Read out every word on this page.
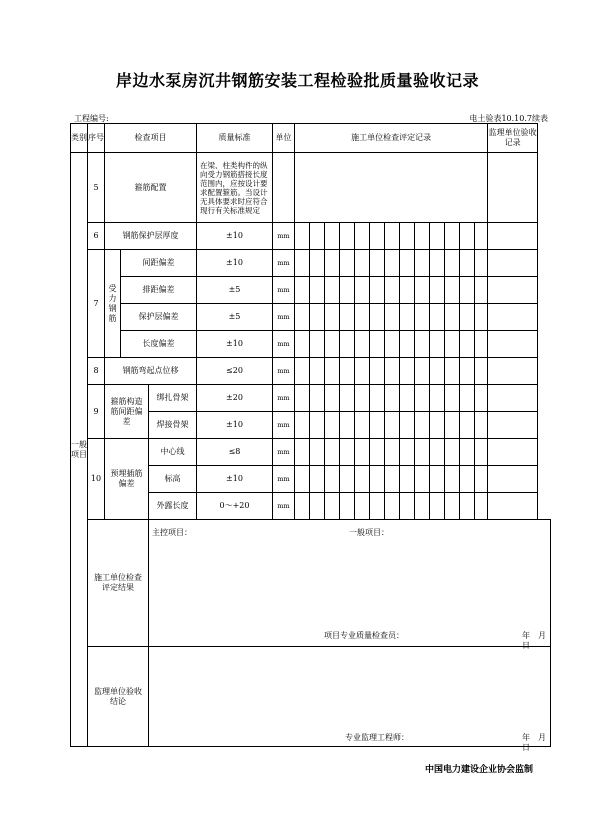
岸边水泵房沉井钢筋安装工程检验批质量验收记录
工程编号:	电土验表10.10.7续表
类别	序号	检查项目			质量标准	单位	施工单位检查评定记录													监理单位验收记录
一般项目	5	箍筋配置			在梁、柱类构件的纵向受力钢筋搭接长度范围内，应按设计要求配置箍筋。当设计无具体要求时应符合现行有关标准规定															
	6	钢筋保护层厚度			±10	mm														
	7	受力钢筋	间距偏差		±10	mm														
			排距偏差		±5	mm														
			保护层偏差		±5	mm														
			长度偏差		±10	mm														
	8	钢筋弯起点位移			≤20	mm														
	9	箍筋构造筋间距偏差		绑扎骨架	±20	mm														
				焊接骨架	±10	mm														
	10	预埋插筋偏差		中心线	≤8	mm														
				标高	±10	mm														
				外露长度	0～+20	mm														
	施工单位检查评定结果			主控项目： 一般项目：
项目专业质量检查员： 年　月　日																

	监理单位验收结论			专业监理工程师： 年　月　日																
中国电力建设企业协会监制
